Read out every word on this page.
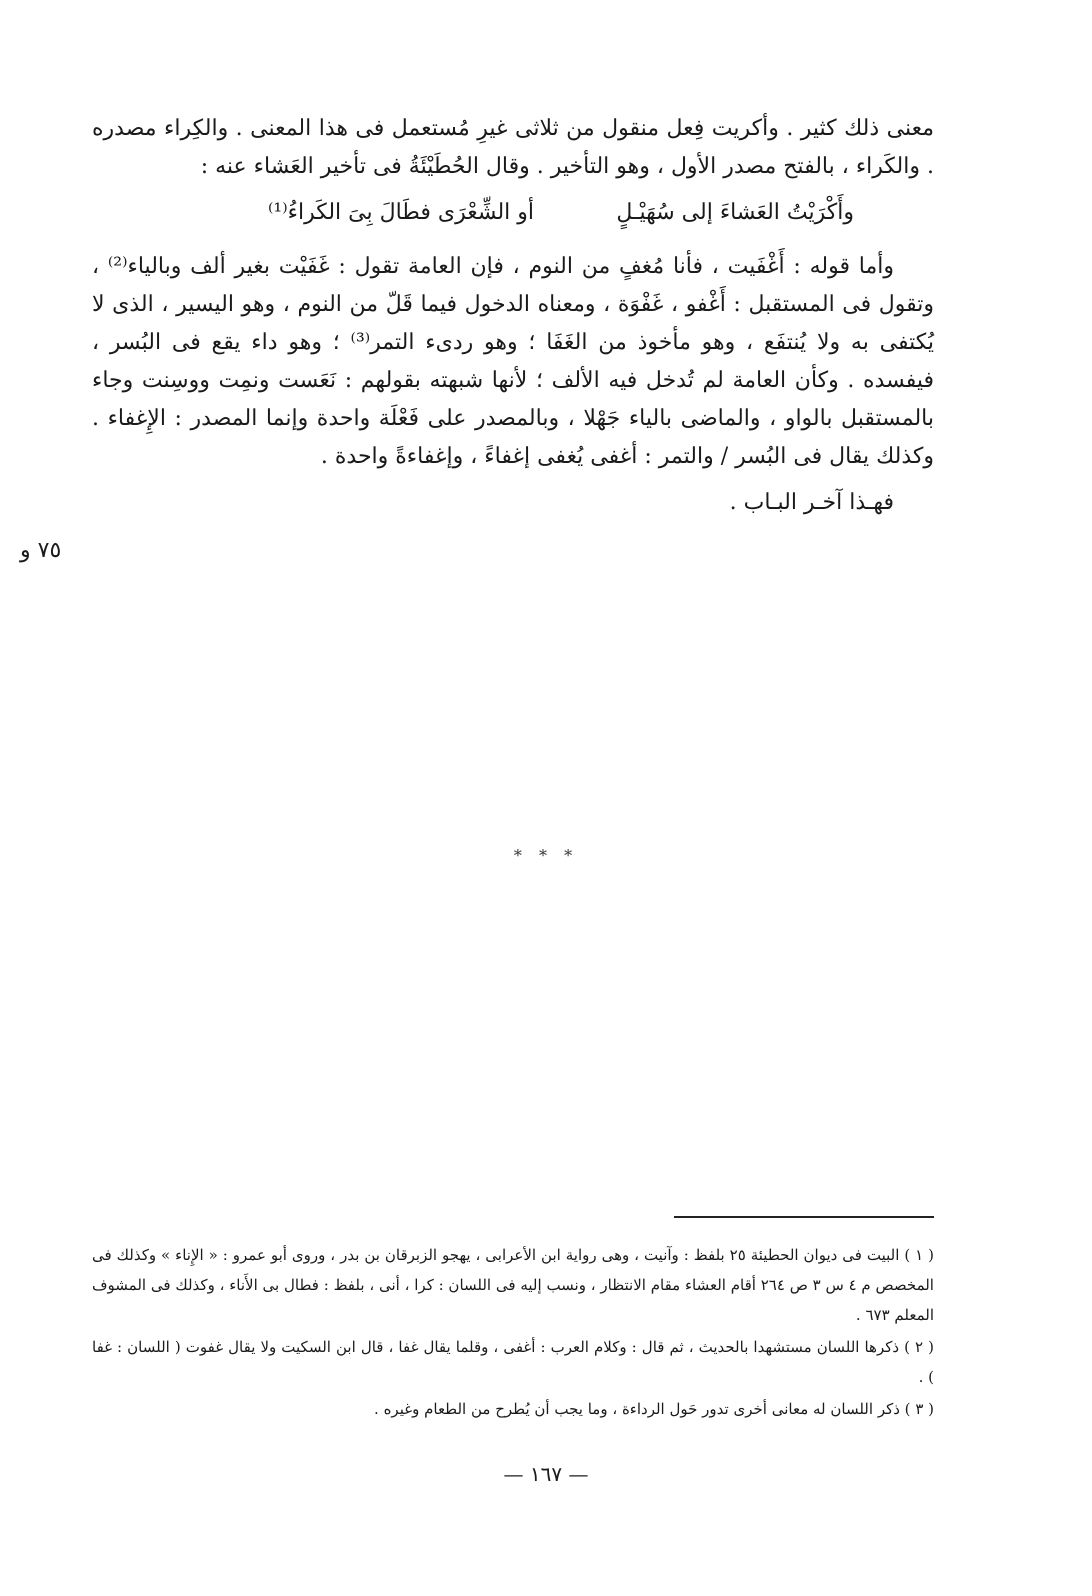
معنى ذلك كثير . وأكريت فِعل منقول من ثلاثى غيرِ مُستعمل فى هذا المعنى . والكِراء مصدره . والكَراء ، بالفتح مصدر الأول ، وهو التأخير . وقال الحُطَيْئَةُ فى تأخير العَشاء عنه :

وأَكْرَيْتُ العَشاءَ إلى سُهَيْـلٍ
أو الشِّعْرَى فطَالَ بِىَ الكَراءُ⁽¹⁾

وأما قوله : أَغْفَيت ، فأنا مُغفٍ من النوم ، فإن العامة تقول : غَفَيْت بغير ألف وبالياء⁽²⁾ ، وتقول فى المستقبل : أَغْفو ، غَفْوَة ، ومعناه الدخول فيما قَلّ من النوم ، وهو اليسير ، الذى لا يُكتفى به ولا يُنتفَع ، وهو مأخوذ من الغَفَا ؛ وهو ردىء التمر⁽³⁾ ؛ وهو داء يقع فى البُسر ، فيفسده . وكأن العامة لم تُدخل فيه الألف ؛ لأنها شبهته بقولهم : نَعَست ونمِت ووسِنت وجاء بالمستقبل بالواو ، والماضى بالياء جَهْلا ، وبالمصدر على فَعْلَة واحدة وإنما المصدر : الإِغفاء . وكذلك يقال فى البُسر / والتمر : أغفى يُغفى إغفاءً ، وإغفاءةً واحدة .

فهـذا آخـر البـاب .

٧٥ و
* * *

( ١ ) البيت فى ديوان الحطيئة ٢٥ بلفظ : وآنيت ، وهى رواية ابن الأعرابى ، يهجو الزبرقان بن بدر ، وروى أبو عمرو : « الإِناء » وكذلك فى المخصص م ٤ س ٣ ص ٢٦٤ أقام العشاء مقام الانتظار ، ونسب إليه فى اللسان : كرا ، أنى ، بلفظ : فطال بى الأَناء ، وكذلك فى المشوف المعلم ٦٧٣ .

( ٢ ) ذكرها اللسان مستشهدا بالحديث ، ثم قال : وكلام العرب : أغفى ، وقلما يقال غفا ، قال ابن السكيت ولا يقال غفوت ( اللسان : غفا ) .

( ٣ ) ذكر اللسان له معانى أخرى تدور حَول الرداءة ، وما يجب أن يُطرح من الطعام وغيره .

— ١٦٧ —
